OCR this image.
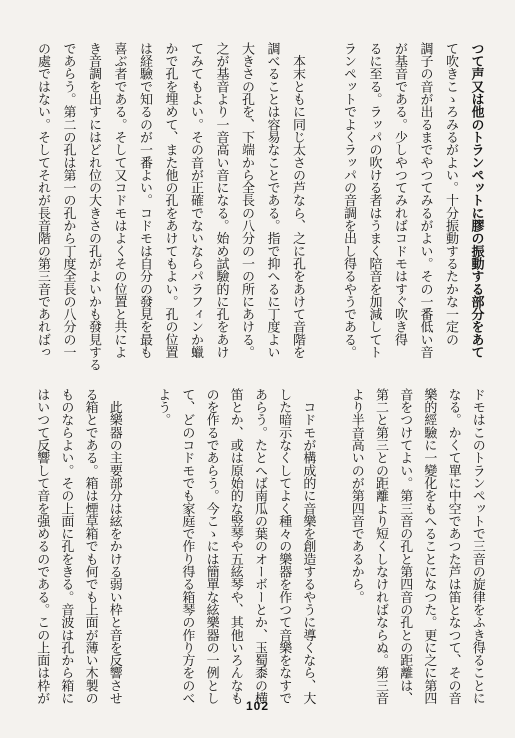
つて声又は他のトランペットに膠の振動する部分をあて
て吹きこゝろみるがよい。十分振動するたかな一定の
調子の音が出るまでやつてみるがよい。その一番低い音
が基音である。少しやつてみればコドモはすぐ吹き得
るに至る。ラッパの吹ける者はうまく陪音を加減してト
ランペットでよくラッパの音調を出し得るやうである。
　本末ともに同じ太さの芦なら、之に孔をあけて音階を
調べることは容易なことである。指で抑へるに丁度よい
大きさの孔を、下端から全長の八分の一の所にあける。
之が基音より一音高い音になる。始め試驗的に孔をあけ
てみてもよい。その音が正確でないならパラフィンか蠟
かで孔を埋めて、また他の孔をあけてもよい。孔の位置
は経驗で知るのが一番よい。コドモは自分の發見を最も
喜ぶ者である。そして又コドモはよくその位置と共によ
き音調を出すにはどれ位の大きさの孔がよいかも發見する
であらう。第二の孔は第一の孔から丁度全長の八分の一
の處ではない。そしてそれが長音階の第三音であればっ
ドモはこのトランペットで三音の旋律をふき得ることに
なる。かくて單に中空であつた芦は笛となつて、その音
樂的經驗に一變化をもへることになつた。更に之に第四
音をつけてよい。第三音の孔と第四音の孔との距離は、
第二と第三との距離より短くしなければならぬ。第三音
より半音高いのが第四音であるから。
　コドモが構成的に音樂を創造するやうに導くなら、大
した暗示なくしてよく種々の樂器を作つて音樂をなすで
あらう。たとへば南瓜の葉のオーボーとか、玉蜀黍の横
笛とか、或は原始的な竪琴や五絃琴や、其他いろんなも
のを作るであらう。今こゝには簡單な絃樂器の一例とし
て、どのコドモでも家庭で作り得る箱琴の作り方をのべ
よう。
　此樂器の主要部分は絃をかける弱い枠と音を反響させ
る箱とである。箱は煙草箱でも何でも上面が薄い木製の
ものならよい。その上面に孔をきる。音波は孔から箱に
はいつて反響して音を强めるのである。この上面は枠が
102
